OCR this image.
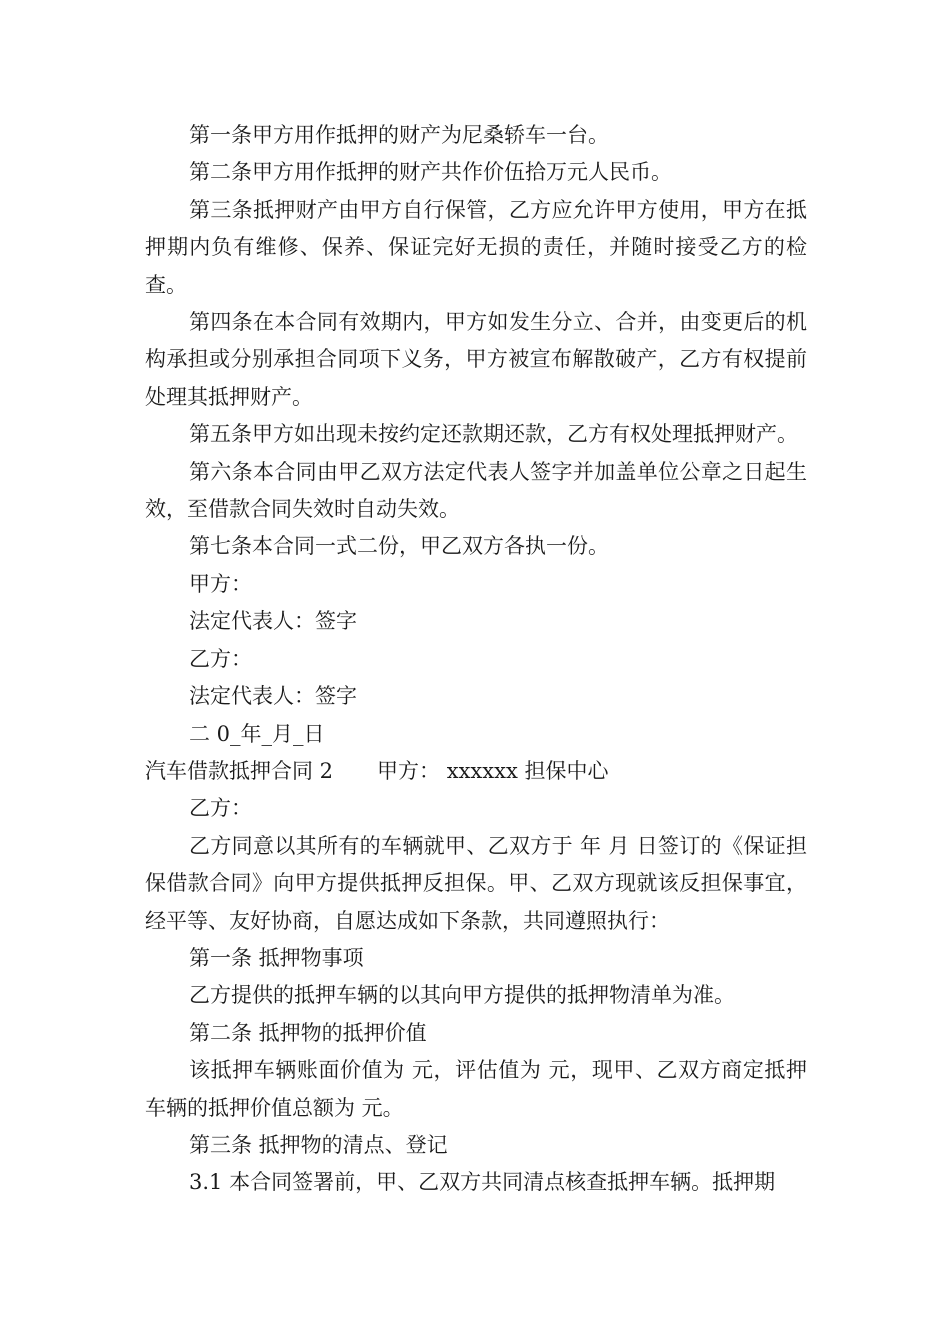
第一条甲方用作抵押的财产为尼桑轿车一台。

第二条甲方用作抵押的财产共作价伍拾万元人民币。

第三条抵押财产由甲方自行保管，乙方应允许甲方使用，甲方在抵押期内负有维修、保养、保证完好无损的责任，并随时接受乙方的检查。

第四条在本合同有效期内，甲方如发生分立、合并，由变更后的机构承担或分别承担合同项下义务，甲方被宣布解散破产，乙方有权提前处理其抵押财产。

第五条甲方如出现未按约定还款期还款，乙方有权处理抵押财产。

第六条本合同由甲乙双方法定代表人签字并加盖单位公章之日起生效，至借款合同失效时自动失效。

第七条本合同一式二份，甲乙双方各执一份。

甲方：

法定代表人：签字

乙方：

法定代表人：签字

二 0_年_月_日

汽车借款抵押合同 2 甲方： xxxxxx 担保中心

乙方：

乙方同意以其所有的车辆就甲、乙双方于 年 月 日签订的《保证担保借款合同》向甲方提供抵押反担保。甲、乙双方现就该反担保事宜，经平等、友好协商，自愿达成如下条款，共同遵照执行：

第一条 抵押物事项

乙方提供的抵押车辆的以其向甲方提供的抵押物清单为准。

第二条 抵押物的抵押价值

该抵押车辆账面价值为 元，评估值为 元，现甲、乙双方商定抵押车辆的抵押价值总额为 元。

第三条 抵押物的清点、登记

3.1 本合同签署前，甲、乙双方共同清点核查抵押车辆。抵押期
